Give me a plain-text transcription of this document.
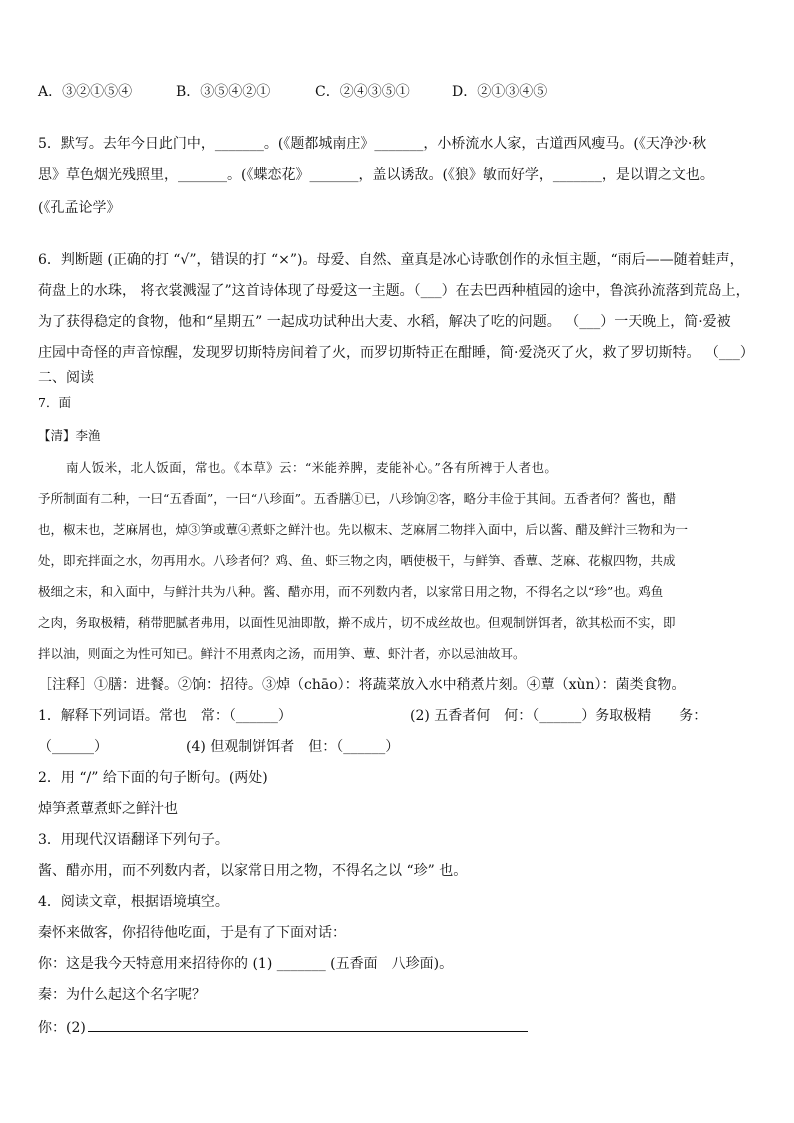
A．③②①⑤④	B．③⑤④②①	C．②④③⑤①	D．②①③④⑤
5．默写。去年今日此门中，_______。(《题都城南庄》_______，小桥流水人家，古道西风瘦马。(《天净沙·秋
思》草色烟光残照里，_______。(《蝶恋花》_______，盖以诱敌。(《狼》敏而好学，_______，是以谓之文也。
(《孔孟论学》
6．判断题 (正确的打 “√”，错误的打 “×”)。母爱、自然、童真是冰心诗歌创作的永恒主题，“雨后——随着蛙声，
荷盘上的水珠， 将衣裳溅湿了”这首诗体现了母爱这一主题。（___）在去巴西种植园的途中，鲁滨孙流落到荒岛上，
为了获得稳定的食物，他和“星期五” 一起成功试种出大麦、水稻，解决了吃的问题。 （___）一天晚上，简·爱被
庄园中奇怪的声音惊醒，发现罗切斯特房间着了火，而罗切斯特正在酣睡，简·爱浇灭了火，救了罗切斯特。 （___）
二、阅读
7．面
【清】李渔
南人饭米，北人饭面，常也。《本草》云：“米能养脾，麦能补心。”各有所裨于人者也。
予所制面有二种，一曰“五香面”，一曰“八珍面”。五香膳①已，八珍饷②客，略分丰俭于其间。五香者何？酱也，醋
也，椒末也，芝麻屑也，焯③笋或蕈④煮虾之鲜汁也。先以椒末、芝麻屑二物拌入面中，后以酱、醋及鲜汁三物和为一
处，即充拌面之水，勿再用水。八珍者何？鸡、鱼、虾三物之肉，晒使极干，与鲜笋、香蕈、芝麻、花椒四物，共成
极细之末，和入面中，与鲜汁共为八种。酱、醋亦用，而不列数内者，以家常日用之物，不得名之以“珍”也。鸡鱼
之肉，务取极精，稍带肥腻者弗用，以面性见油即散，擀不成片，切不成丝故也。但观制饼饵者，欲其松而不实，即
拌以油，则面之为性可知已。鲜汁不用煮肉之汤，而用笋、蕈、虾汁者，亦以忌油故耳。
［注释］①膳：进餐。②饷：招待。③焯（chāo）：将蔬菜放入水中稍煮片刻。④蕈（xùn）：菌类食物。
1．解释下列词语。常也　常：（______）	(2) 五香者何　何：（______）务取极精　　务：
（______）	(4) 但观制饼饵者　但：（______）
2．用 “/” 给下面的句子断句。(两处)
焯笋煮蕈煮虾之鲜汁也
3．用现代汉语翻译下列句子。
酱、醋亦用，而不列数内者，以家常日用之物，不得名之以 “珍” 也。
4．阅读文章，根据语境填空。
秦怀来做客，你招待他吃面，于是有了下面对话：
你：这是我今天特意用来招待你的 (1) _______ (五香面　八珍面)。
秦：为什么起这个名字呢？
你：(2)
